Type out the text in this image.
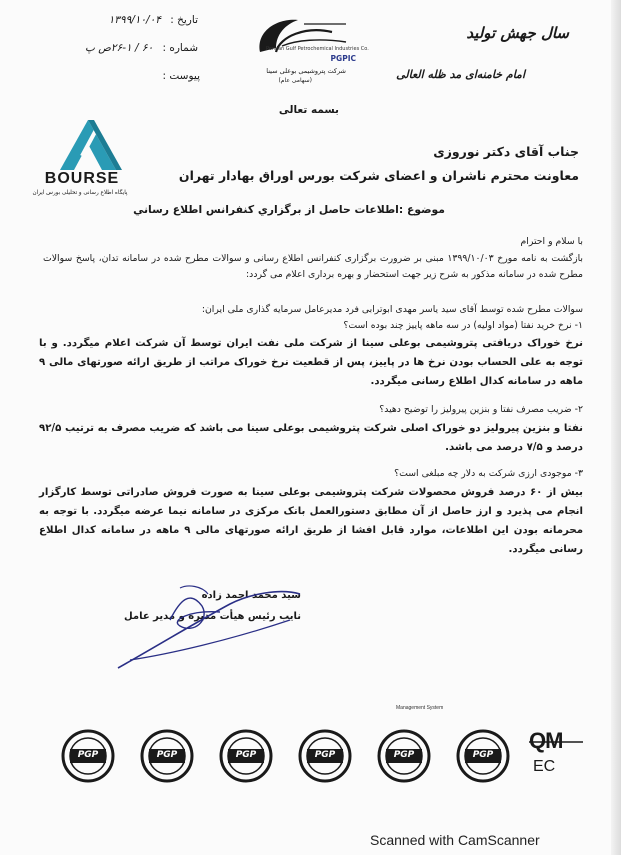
تاریخ : ۱۳۹۹/۱۰/۰۴
شماره : ۶۰ / ۱-۲۶ص پ
پیوست :
Persian Gulf Petrochemical Industries Co.
PGPIC
شرکت پتروشیمی بوعلی سینا
(سهامی عام)
سال جهش تولید
امام خامنه‌ای مد ظله العالی
بسمه تعالی
BOURSE
پایگاه اطلاع رسانی و تحلیلی بورس ایران
جناب آقای دکتر نوروزی
معاونت محترم ناشران و اعضای شرکت بورس اوراق بهادار تهران
موضوع :اطلاعات حاصل از برگزاري كنفرانس اطلاع رساني
با سلام و احترام
بازگشت به نامه مورخ ۱۳۹۹/۱۰/۰۳ مبنی بر ضرورت برگزاری کنفرانس اطلاع رسانی و سوالات مطرح شده در سامانه تدان، پاسخ سوالات مطرح شده در سامانه مذکور به شرح زیر جهت استحضار و بهره برداری اعلام می گردد:
سوالات مطرح شده توسط آقای سید یاسر مهدی ابوترابی فرد مدیرعامل سرمایه گذاری ملی ایران:
۱- نرخ خرید نفتا (مواد اولیه) در سه ماهه پاییز چند بوده است؟
نرخ خوراک دریافتی پتروشیمی بوعلی سینا از شرکت ملی نفت ایران توسط آن شرکت اعلام میگردد. و با توجه به علی الحساب بودن نرخ ها در پاییز، پس از قطعیت نرخ خوراک مراتب از طریق ارائه صورتهای مالی ۹ ماهه در سامانه کدال اطلاع رسانی میگردد.
۲- ضریب مصرف نفتا و بنزین پیرولیز را توضیح دهید؟
نفتا و بنزین پیرولیز دو خوراک اصلی شرکت پتروشیمی بوعلی سینا می باشد که ضریب مصرف به ترتیب ۹۲/۵ درصد و ۷/۵ درصد می باشد.
۳- موجودی ارزی شرکت به دلار چه مبلغی است؟
بیش از ۶۰ درصد فروش محصولات شرکت پتروشیمی بوعلی سینا به صورت فروش صادراتی توسط کارگزار انجام می پذیرد و ارز حاصل از آن مطابق دستورالعمل بانک مرکزی در سامانه نیما عرضه میگردد. با توجه به محرمانه بودن این اطلاعات، موارد قابل افشا از طریق ارائه صورتهای مالی ۹ ماهه در سامانه کدال اطلاع رسانی میگردد.
سید محمد احمد زاده
نایب رئیس هیأت مدیره و مدیر عامل
PGP	PGP	PGP	PGP	PGP	PGP
Management System
QM
EC
Scanned with CamScanner
